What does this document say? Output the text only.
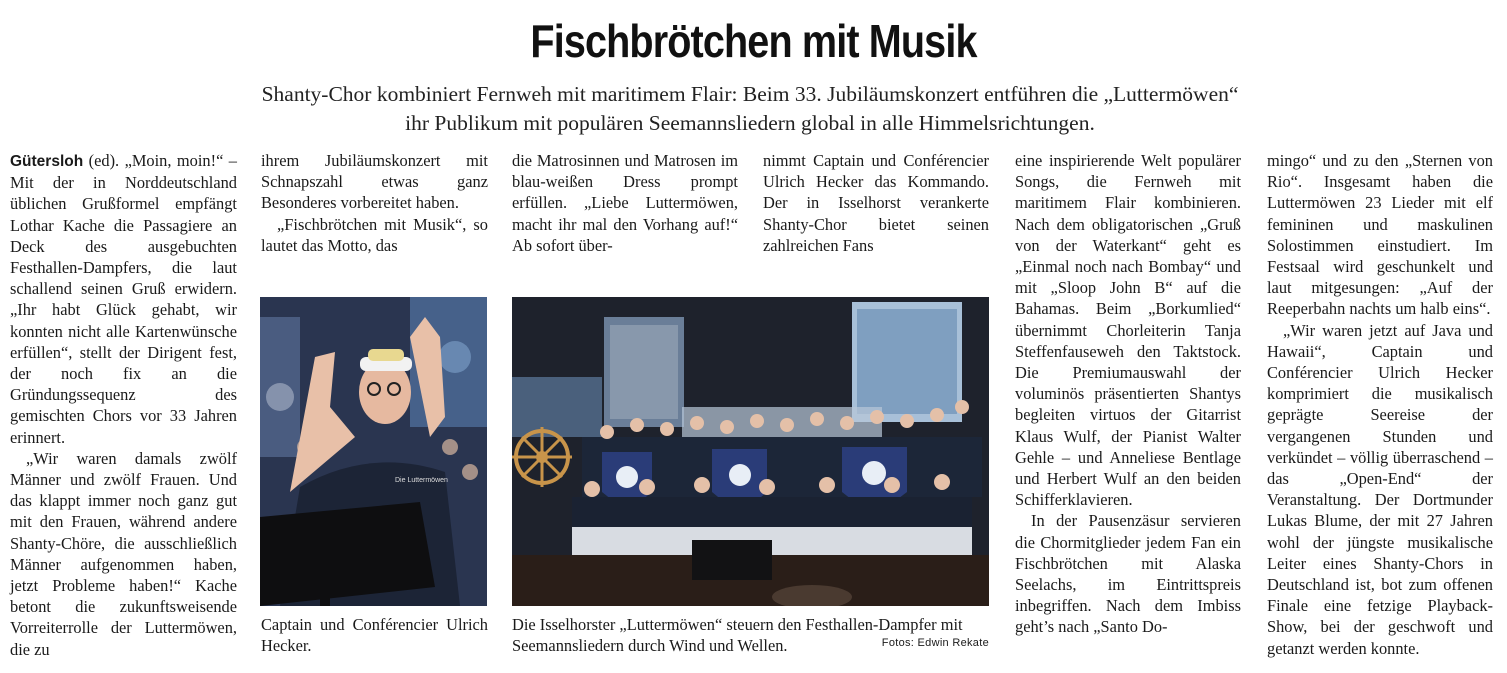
Fischbrötchen mit Musik
Shanty-Chor kombiniert Fernweh mit maritimem Flair: Beim 33. Jubiläumskonzert entführen die „Luttermöwen“
ihr Publikum mit populären Seemannsliedern global in alle Himmelsrichtungen.

Gütersloh (ed). „Moin, moin!“ – Mit der in Norddeutschland üblichen Grußformel empfängt Lothar Kache die Passagiere an Deck des ausgebuchten Festhallen-Dampfers, die laut schallend seinen Gruß erwidern. „Ihr habt Glück gehabt, wir konnten nicht alle Kartenwünsche erfüllen“, stellt der Dirigent fest, der noch fix an die Gründungssequenz des gemischten Chors vor 33 Jahren erinnert.

„Wir waren damals zwölf Männer und zwölf Frauen. Und das klappt immer noch ganz gut mit den Frauen, während andere Shanty-Chöre, die ausschließlich Männer aufgenommen haben, jetzt Probleme haben!“ Kache betont die zukunftsweisende Vorreiterrolle der Luttermöwen, die zu

ihrem Jubiläumskonzert mit Schnapszahl etwas ganz Besonderes vorbereitet haben.

„Fischbrötchen mit Musik“, so lautet das Motto, das

die Matrosinnen und Matrosen im blau-weißen Dress prompt erfüllen. „Liebe Luttermöwen, macht ihr mal den Vorhang auf!“ Ab sofort über-

nimmt Captain und Conférencier Ulrich Hecker das Kommando. Der in Isselhorst verankerte Shanty-Chor bietet seinen zahlreichen Fans

eine inspirierende Welt populärer Songs, die Fernweh mit maritimem Flair kombinieren. Nach dem obligatorischen „Gruß von der Waterkant“ geht es „Einmal noch nach Bombay“ und mit „Sloop John B“ auf die Bahamas. Beim „Borkumlied“ übernimmt Chorleiterin Tanja Steffenfauseweh den Taktstock. Die Premiumauswahl der voluminös präsentierten Shantys begleiten virtuos der Gitarrist Klaus Wulf, der Pianist Walter Gehle – und Anneliese Bentlage und Herbert Wulf an den beiden Schifferklavieren.

In der Pausenzäsur servieren die Chormitglieder jedem Fan ein Fischbrötchen mit Alaska Seelachs, im Eintrittspreis inbegriffen. Nach dem Imbiss geht’s nach „Santo Do-

mingo“ und zu den „Sternen von Rio“. Insgesamt haben die Luttermöwen 23 Lieder mit elf femininen und maskulinen Solostimmen einstudiert. Im Festsaal wird geschunkelt und laut mitgesungen: „Auf der Reeperbahn nachts um halb eins“.

„Wir waren jetzt auf Java und Hawaii“, Captain und Conférencier Ulrich Hecker komprimiert die musikalisch geprägte Seereise der vergangenen Stunden und verkündet – völlig überraschend – das „Open-End“ der Veranstaltung. Der Dortmunder Lukas Blume, der mit 27 Jahren wohl der jüngste musikalische Leiter eines Shanty-Chors in Deutschland ist, bot zum offenen Finale eine fetzige Playback-Show, bei der geschwoft und getanzt werden konnte.

Die Luttermöwen
Captain und Conférencier Ulrich Hecker.
Die Isselhorster „Luttermöwen“ steuern den Festhallen-Dampfer mit Seemannsliedern durch Wind und Wellen.	Fotos: Edwin Rekate
